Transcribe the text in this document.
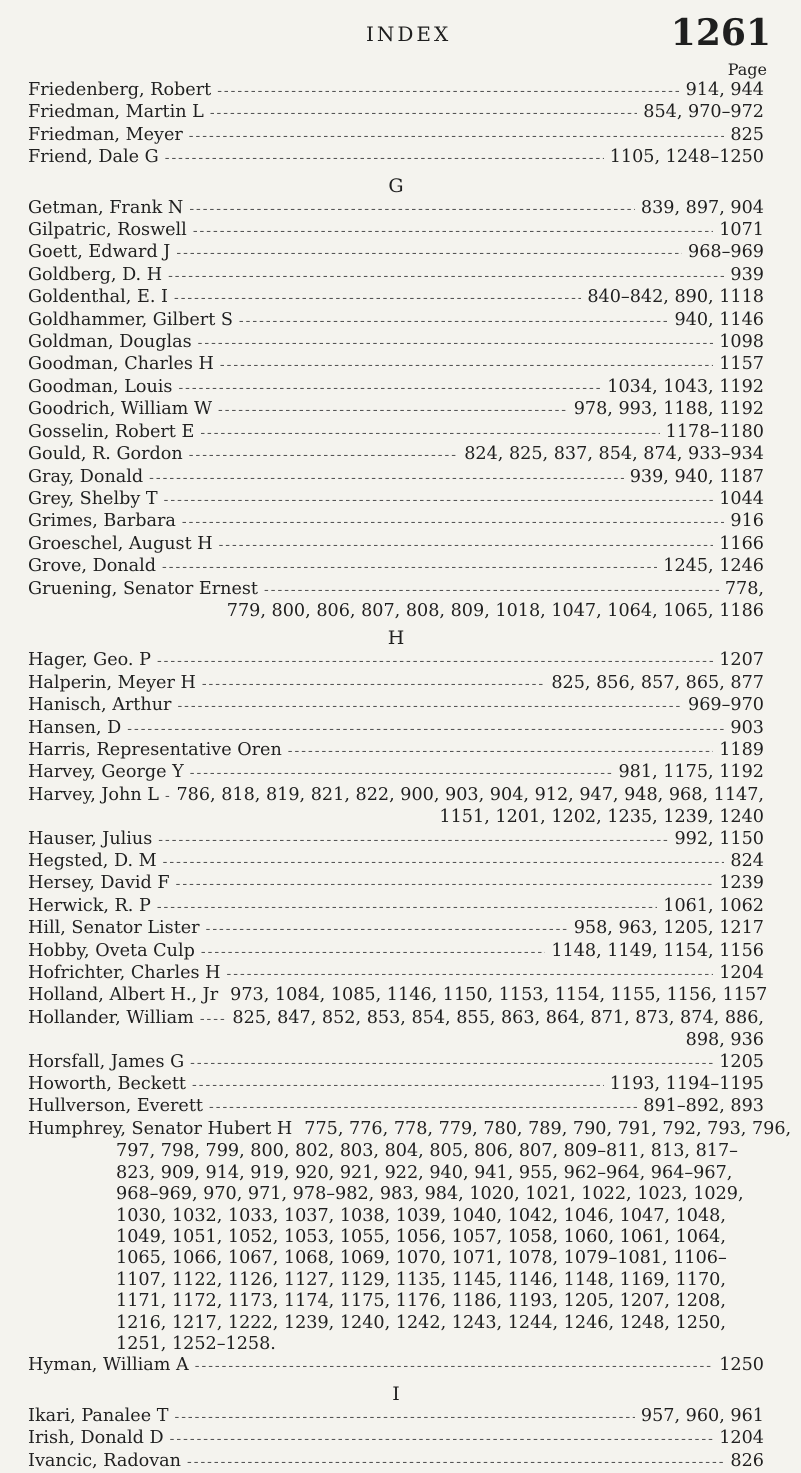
INDEX	1261
Page
Friedenberg, Robert -----	914, 944
Friedman, Martin L -----	854, 970–972
Friedman, Meyer -----	825
Friend, Dale G -----	1105, 1248–1250
G
Getman, Frank N -----	839, 897, 904
Gilpatric, Roswell -----	1071
Goett, Edward J -----	968–969
Goldberg, D. H -----	939
Goldenthal, E. I -----	840–842, 890, 1118
Goldhammer, Gilbert S -----	940, 1146
Goldman, Douglas -----	1098
Goodman, Charles H -----	1157
Goodman, Louis -----	1034, 1043, 1192
Goodrich, William W -----	978, 993, 1188, 1192
Gosselin, Robert E -----	1178–1180
Gould, R. Gordon -----	824, 825, 837, 854, 874, 933–934
Gray, Donald -----	939, 940, 1187
Grey, Shelby T -----	1044
Grimes, Barbara -----	916
Groeschel, August H -----	1166
Grove, Donald -----	1245, 1246
Gruening, Senator Ernest -----	778,
779, 800, 806, 807, 808, 809, 1018, 1047, 1064, 1065, 1186
H
Hager, Geo. P -----	1207
Halperin, Meyer H -----	825, 856, 857, 865, 877
Hanisch, Arthur -----	969–970
Hansen, D -----	903
Harris, Representative Oren -----	1189
Harvey, George Y -----	981, 1175, 1192
Harvey, John L ----- 786, 818, 819, 821, 822, 900, 903, 904, 912, 947, 948, 968, 1147,
1151, 1201, 1202, 1235, 1239, 1240
Hauser, Julius -----	992, 1150
Hegsted, D. M -----	824
Hersey, David F -----	1239
Herwick, R. P -----	1061, 1062
Hill, Senator Lister -----	958, 963, 1205, 1217
Hobby, Oveta Culp -----	1148, 1149, 1154, 1156
Hofrichter, Charles H -----	1204
Holland, Albert H., Jr 973, 1084, 1085, 1146, 1150, 1153, 1154, 1155, 1156, 1157
Hollander, William ----- 825, 847, 852, 853, 854, 855, 863, 864, 871, 873, 874, 886,
898, 936
Horsfall, James G -----	1205
Howorth, Beckett -----	1193, 1194–1195
Hullverson, Everett -----	891–892, 893
Humphrey, Senator Hubert H 775, 776, 778, 779, 780, 789, 790, 791, 792, 793, 796,
797, 798, 799, 800, 802, 803, 804, 805, 806, 807, 809–811, 813, 817–823, 909, 914, 919, 920, 921, 922, 940, 941, 955, 962–964, 964–967, 968–969, 970, 971, 978–982, 983, 984, 1020, 1021, 1022, 1023, 1029, 1030, 1032, 1033, 1037, 1038, 1039, 1040, 1042, 1046, 1047, 1048, 1049, 1051, 1052, 1053, 1055, 1056, 1057, 1058, 1060, 1061, 1064, 1065, 1066, 1067, 1068, 1069, 1070, 1071, 1078, 1079–1081, 1106–1107, 1122, 1126, 1127, 1129, 1135, 1145, 1146, 1148, 1169, 1170, 1171, 1172, 1173, 1174, 1175, 1176, 1186, 1193, 1205, 1207, 1208, 1216, 1217, 1222, 1239, 1240, 1242, 1243, 1244, 1246, 1248, 1250, 1251, 1252–1258.
Hyman, William A -----	1250
I
Ikari, Panalee T -----	957, 960, 961
Irish, Donald D -----	1204
Ivancic, Radovan -----	826
